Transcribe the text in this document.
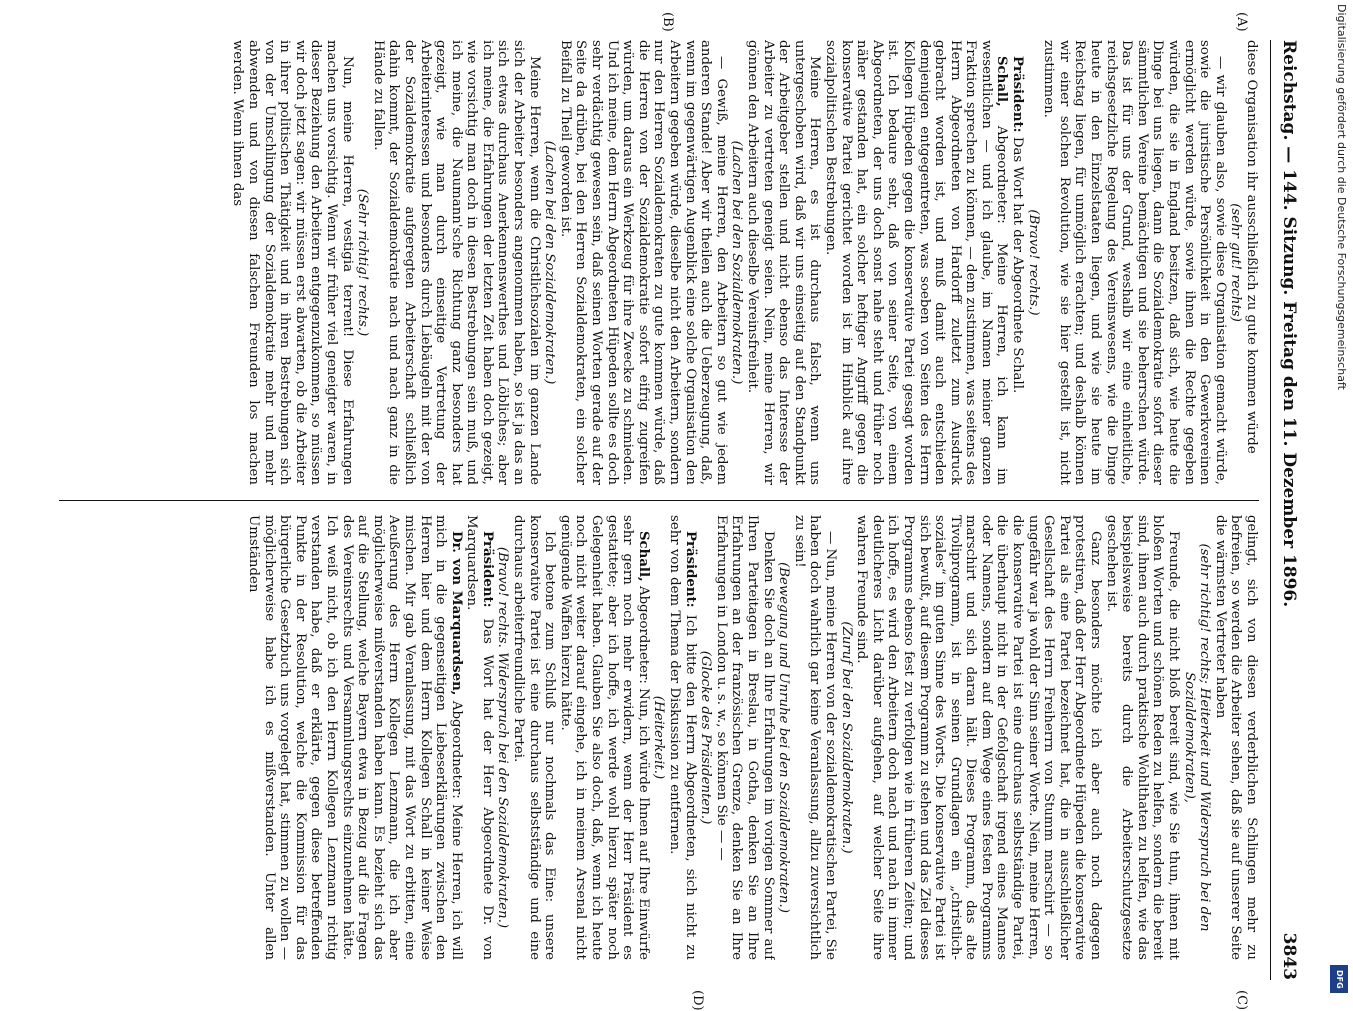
Reichstag. — 144. Sitzung. Freitag den 11. Dezember 1896.
3843
(A)
(B)
(C)
(D)

diese Organisation ihr ausschließlich zu gute kommen würde

(sehr gut! rechts)

— wir glauben also, sowie diese Organisation gemacht würde, sowie die juristische Persönlichkeit in den Gewerkvereinen ermöglicht werden würde, sowie ihnen die Rechte gegeben würden, die sie in England besitzen, daß sich, wie heute die Dinge bei uns liegen, dann die Sozialdemokratie sofort dieser sämmtlichen Vereine bemächtigen und sie beherrschen würde. Das ist für uns der Grund, weshalb wir eine einheitliche, reichsgesetzliche Regelung des Vereinswesens, wie die Dinge heute in den Einzelstaaten liegen, und wie sie heute im Reichstag liegen, für unmöglich erachten; und deshalb können wir einer solchen Revolution, wie sie hier gestellt ist, nicht zustimmen.

(Bravo! rechts.)

Präsident: Das Wort hat der Abgeordnete Schall.

Schall, Abgeordneter: Meine Herren, ich kann im wesentlichen — und ich glaube, im Namen meiner ganzen Fraktion sprechen zu können, — dem zustimmen, was seitens des Herrn Abgeordneten von Hardorff zuletzt zum Ausdruck gebracht worden ist, und muß damit auch entschieden demjenigen entgegentreten, was soeben von Seiten des Herrn Kollegen Hüpeden gegen die konservative Partei gesagt worden ist. Ich bedaure sehr, daß von seiner Seite, von einem Abgeordneten, der uns doch sonst nahe steht und früher noch näher gestanden hat, ein solcher heftiger Angriff gegen die konservative Partei gerichtet worden ist im Hinblick auf ihre sozialpolitischen Bestrebungen.

Meine Herren, es ist durchaus falsch, wenn uns untergeschoben wird, daß wir uns einseitig auf den Standpunkt der Arbeitgeber stellen und nicht ebenso das Interesse der Arbeiter zu vertreten geneigt seien. Nein, meine Herren, wir gönnen den Arbeitern auch dieselbe Vereinsfreiheit.

(Lachen bei den Sozialdemokraten.)

— Gewiß, meine Herren, den Arbeitern so gut wie jedem anderen Stande! Aber wir theilen auch die Ueberzeugung, daß, wenn im gegenwärtigen Augenblick eine solche Organisation den Arbeitern gegeben würde, dieselbe nicht den Arbeitern, sondern nur den Herren Sozialdemokraten zu gute kommen würde, daß die Herren von der Sozialdemokratie sofort eifrig zugreifen würden, um daraus ein Werkzeug für ihre Zwecke zu schmieden. Und ich meine, dem Herrn Abgeordneten Hüpeden sollte es doch sehr verdächtig gewesen sein, daß seinen Worten gerade auf der Seite da drüben, bei den Herren Sozialdemokraten, ein solcher Beifall zu Theil geworden ist.

(Lachen bei den Sozialdemokraten.)

Meine Herren, wenn die Christlichsozialen im ganzen Lande sich der Arbeiter besonders angenommen haben, so ist ja das an sich etwas durchaus Anerkennenswerthes und Löbliches; aber ich meine, die Erfahrungen der letzten Zeit haben doch gezeigt, wie vorsichtig man doch in diesen Bestrebungen sein muß, und ich meine, die Naumann'sche Richtung ganz besonders hat gezeigt, wie man durch einseitige Vertretung der Arbeiterinteressen und besonders durch Liebäugeln mit der von der Sozialdemokratie aufgeregten Arbeiterschaft schließlich dahin kommt, der Sozialdemokratie nach und nach ganz in die Hände zu fallen.

(Sehr richtig! rechts.)

Nun, meine Herren, vestigia terrent! Diese Erfahrungen machen uns vorsichtig. Wenn wir früher viel geneigter waren, in dieser Beziehung den Arbeitern entgegenzukommen, so müssen wir doch jetzt sagen: wir müssen erst abwarten, ob die Arbeiter in ihrer politischen Thätigkeit und in ihren Bestrebungen sich von der Umschlingung der Sozialdemokratie mehr und mehr abwenden und von diesen falschen Freunden los machen werden. Wenn ihnen das

gelingt, sich von diesen verderblichen Schlingen mehr zu befreien, so werden die Arbeiter sehen, daß sie auf unserer Seite die wärmsten Vertreter haben

(sehr richtig! rechts; Heiterkeit und Widerspruch bei den Sozialdemokraten),

Freunde, die nicht bloß bereit sind, wie Sie thun, ihnen mit bloßen Worten und schönen Reden zu helfen, sondern die bereit sind, ihnen auch durch praktische Wohlthaten zu helfen, wie das beispielsweise bereits durch die Arbeiterschutzgesetze geschehen ist.

Ganz besonders möchte ich aber auch noch dagegen protestiren, daß der Herr Abgeordnete Hüpeden die konservative Partei als eine Partei bezeichnet hat, die in ausschließlicher Gesellschaft des Herrn Freiherrn von Stumm marschirt — so ungefähr war ja wohl der Sinn seiner Worte. Nein, meine Herren, die konservative Partei ist eine durchaus selbstständige Partei, die überhaupt nicht in der Gefolgschaft irgend eines Mannes oder Namens, sondern auf dem Wege eines festen Programms marschirt und sich daran hält. Dieses Programm, das alte Tivoliprogramm, ist in seinen Grundlagen ein „christlich-soziales“ im guten Sinne des Worts. Die konservative Partei ist sich bewußt, auf diesem Programm zu stehen und das Ziel dieses Programms ebenso fest zu verfolgen wie in früheren Zeiten; und ich hoffe, es wird den Arbeitern doch nach und nach in immer deutlicheres Licht darüber aufgehen, auf welcher Seite ihre wahren Freunde sind.

(Zuruf bei den Sozialdemokraten.)

— Nun, meine Herren von der sozialdemokratischen Partei, Sie haben doch wahrlich gar keine Veranlassung, allzu zuversichtlich zu sein!

(Bewegung und Unruhe bei den Sozialdemokraten.)

Denken Sie doch an Ihre Erfahrungen im vorigen Sommer auf Ihren Parteitagen in Breslau, in Gotha, denken Sie an Ihre Erfahrungen an der französischen Grenze, denken Sie an Ihre Erfahrungen in London u. s. w., so können Sie — —

(Glocke des Präsidenten.)

Präsident: Ich bitte den Herrn Abgeordneten, sich nicht zu sehr von dem Thema der Diskussion zu entfernen.

(Heiterkeit.)

Schall, Abgeordneter: Nun, ich würde Ihnen auf Ihre Einwürfe sehr gern noch mehr erwidern, wenn der Herr Präsident es gestattete; aber ich hoffe, ich werde wohl hierzu später noch Gelegenheit haben. Glauben Sie also doch, daß, wenn ich heute noch nicht weiter darauf eingehe, ich in meinem Arsenal nicht genügende Waffen hierzu hätte.

Ich betone zum Schluß nur nochmals das Eine: unsere konservative Partei ist eine durchaus selbstständige und eine durchaus arbeiterfreundliche Partei.

(Bravo! rechts. Widerspruch bei den Sozialdemokraten.)

Präsident: Das Wort hat der Herr Abgeordnete Dr. von Marquardsen.

Dr. von Marquardsen, Abgeordneter: Meine Herren, ich will mich in die gegenseitigen Liebeserklärungen zwischen den Herren hier und dem Herrn Kollegen Schall in keiner Weise mischen. Mir gab Veranlassung, mit das Wort zu erbitten, eine Aeußerung des Herrn Kollegen Lenzmann, die ich aber möglicherweise mißverstanden haben kann. Es bezieht sich das auf die Stellung, welche Bayern etwa in Bezug auf die Fragen des Vereinsrechts und Versammlungsrechts einzunehmen hätte. Ich weiß nicht, ob ich den Herrn Kollegen Lenzmann richtig verstanden habe, daß er erklärte, gegen diese betreffenden Punkte in der Resolution, welche die Kommission für das bürgerliche Gesetzbuch uns vorgelegt hat, stimmen zu wollen — möglicherweise habe ich es mißverstanden. Unter allen Umständen

Digitalisierung gefördert durch die Deutsche Forschungsgemeinschaft
DFG
